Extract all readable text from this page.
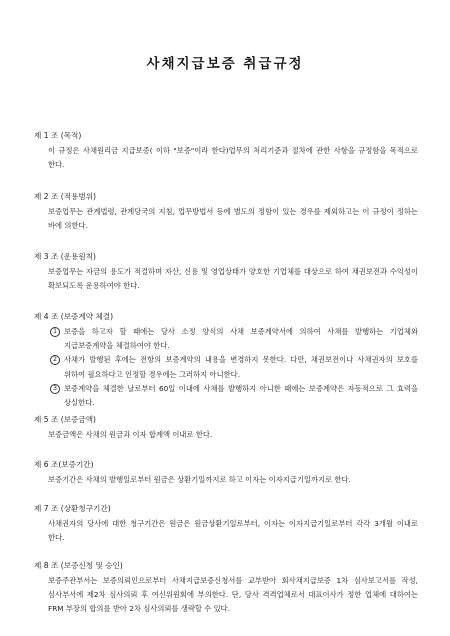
사채지급보증 취급규정
제 1 조 (목적)

이 규정은 사채원리금 지급보증( 이하 "보증"이라 한다)업무의 처리기준과 절차에 관한 사항을 규정함을 목적으로 한다.

제 2 조 (적용범위)

보증업무는 관계법령, 관계당국의 지침, 업무방법서 등에 별도의 정함이 있는 경우를 제외하고는 이 규정이 정하는 바에 의한다.

제 3 조 (운용원칙)

보증업무는 자금의 용도가 적결하며 자산, 신용 및 영업상태가 양호한 기업체를 대상으로 하여 채권보전과 수익성이 확보되도록 운용하여야 한다.

제 4 조 (보증계약 체결)
1 보증을 하고자 할 때에는 당사 소정 양식의 사채 보증계약서에 의하여 사채를 발행하는 기업체와 지급보증계약을 체결하여야 한다.
2 사채가 발행된 후에는 전항의 보증계약의 내용을 변경하지 못한다. 다만, 채권보전이나 사채권자의 보호를 위하여 필요하다고 인정할 경우에는 그러하지 아니한다.
3 보증계약을 체결한 날로부터 60일 이내에 사채를 발행하지 아니한 때에는 보증계약은 자동적으로 그 효력을 상실한다.
제 5 조 (보증금액)

보증금액은 사채의 원금과 이자 합계액 이내로 한다.

제 6 조(보증기간)

보증기간은 사채의 발행일로부터 원금은 상환기일까지로 하고 이자는 이자지급기일까지로 한다.

제 7 조 (상환청구기간)

사채권자의 당사에 대한 청구기간은 원금은 원금상환기일로부터, 이자는 이자지급기일로부터 각각 3개월 이내로 한다.

제 8 조 (보증신청 및 승인)

보증주관부서는 보증의뢰인으로부터 사채지급보증신청서를 교부받아 회사채지급보증 1차 심사보고서를 작성, 심사부서에 제2차 심사의뢰 후 여신위원회에 부의한다. 단, 당사 격격업체로서 대표이사가 정한 업체에 대하여는 FRM 부장의 합의를 받아 2차 심사의뢰를 생략할 수 있다.
